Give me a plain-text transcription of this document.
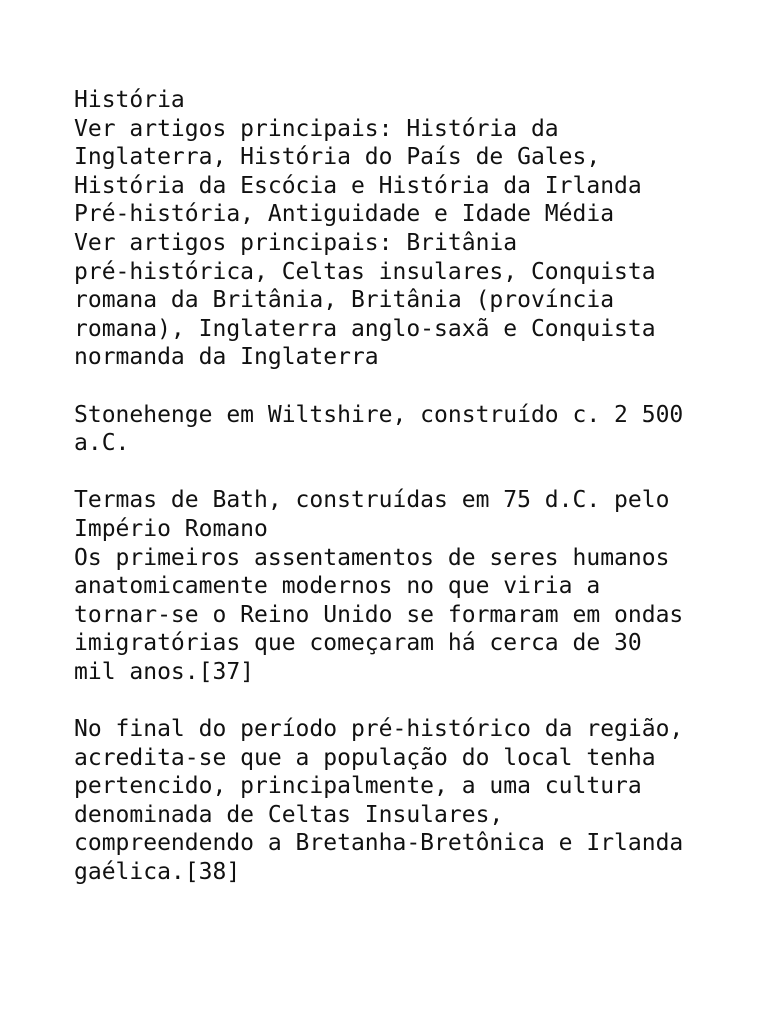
História
Ver artigos principais: História da
Inglaterra, História do País de Gales,
História da Escócia e História da Irlanda
Pré-história, Antiguidade e Idade Média
Ver artigos principais: Britânia
pré-histórica, Celtas insulares, Conquista
romana da Britânia, Britânia (província
romana), Inglaterra anglo-saxã e Conquista
normanda da Inglaterra
Stonehenge em Wiltshire, construído c. 2 500
a.C.
Termas de Bath, construídas em 75 d.C. pelo
Império Romano
Os primeiros assentamentos de seres humanos
anatomicamente modernos no que viria a
tornar-se o Reino Unido se formaram em ondas
imigratórias que começaram há cerca de 30
mil anos.[37]
No final do período pré-histórico da região,
acredita-se que a população do local tenha
pertencido, principalmente, a uma cultura
denominada de Celtas Insulares,
compreendendo a Bretanha-Bretônica e Irlanda
gaélica.[38]
